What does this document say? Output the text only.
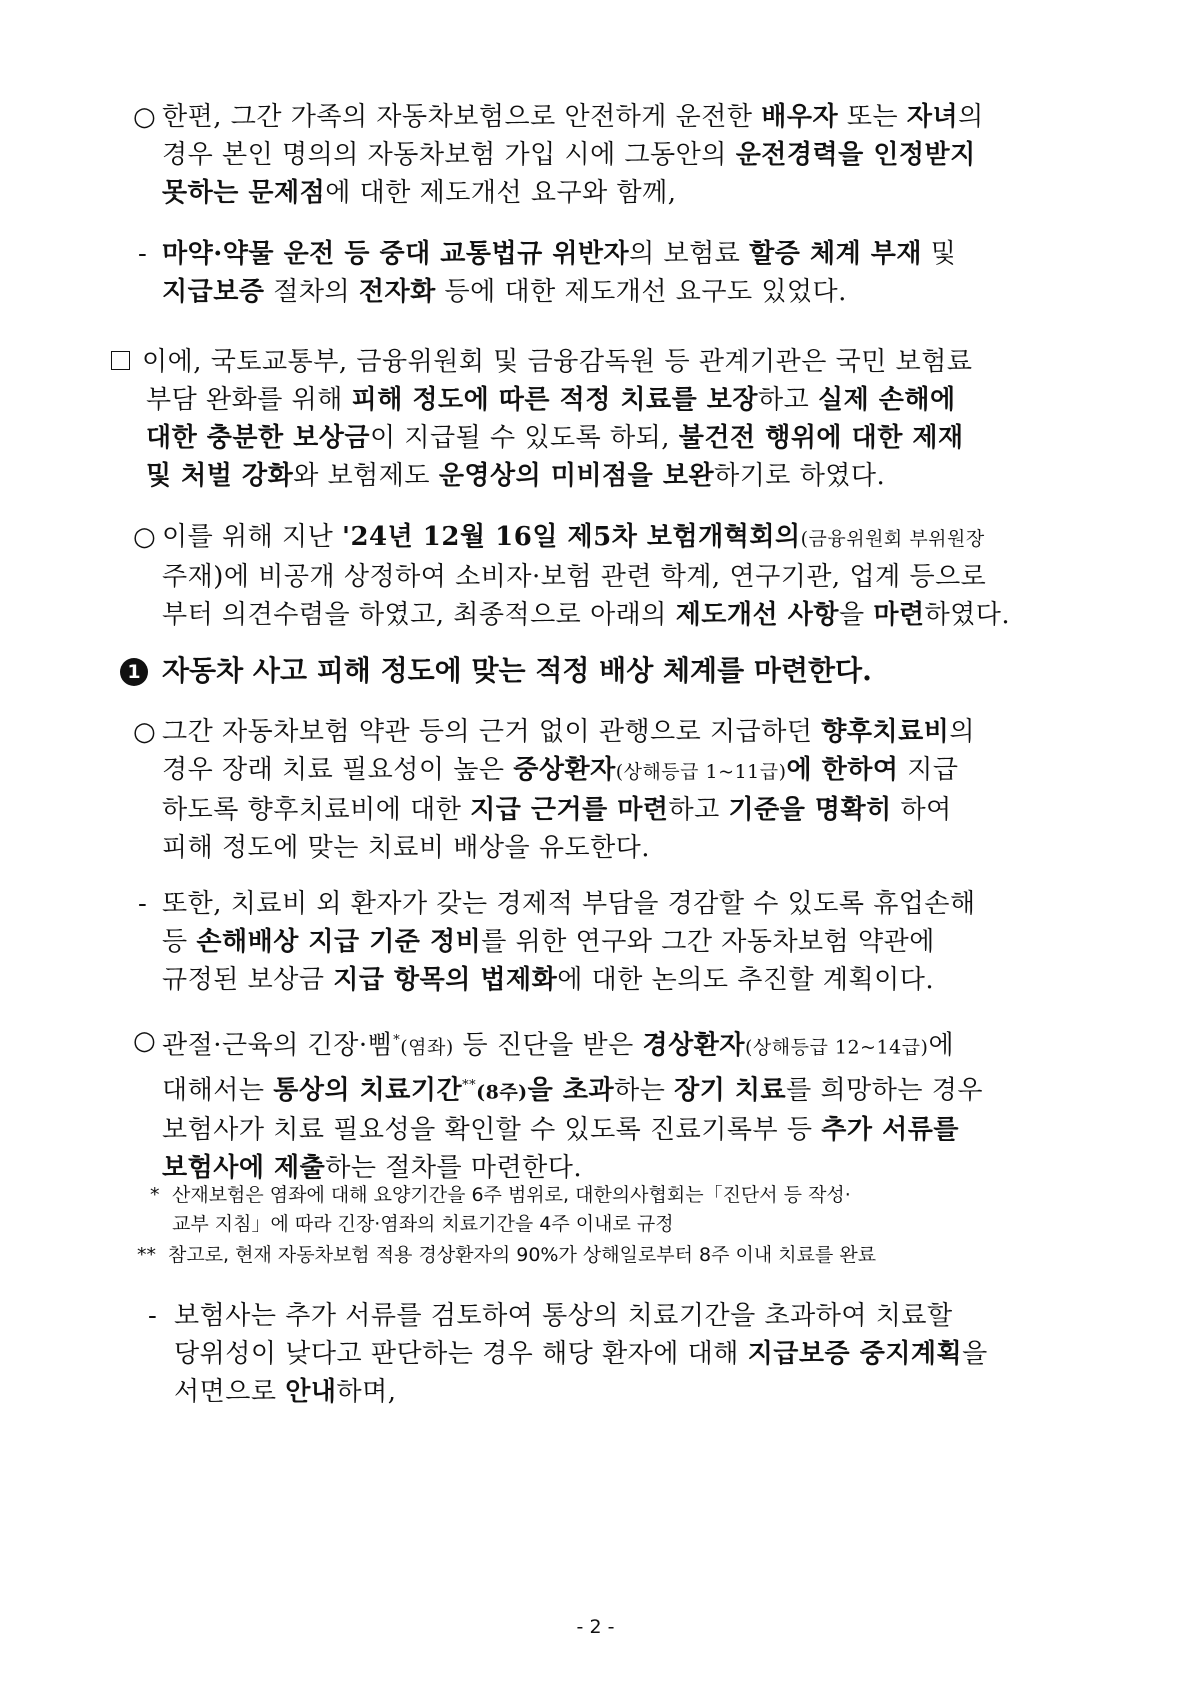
○ 한편, 그간 가족의 자동차보험으로 안전하게 운전한 배우자 또는 자녀의
경우 본인 명의의 자동차보험 가입 시에 그동안의 운전경력을 인정받지
못하는 문제점에 대한 제도개선 요구와 함께,
- 마약·약물 운전 등 중대 교통법규 위반자의 보험료 할증 체계 부재 및
지급보증 절차의 전자화 등에 대한 제도개선 요구도 있었다.
이에, 국토교통부, 금융위원회 및 금융감독원 등 관계기관은 국민 보험료
부담 완화를 위해 피해 정도에 따른 적정 치료를 보장하고 실제 손해에
대한 충분한 보상금이 지급될 수 있도록 하되, 불건전 행위에 대한 제재
및 처벌 강화와 보험제도 운영상의 미비점을 보완하기로 하였다.
○ 이를 위해 지난 '24년 12월 16일 제5차 보험개혁회의(금융위원회 부위원장
주재)에 비공개 상정하여 소비자·보험 관련 학계, 연구기관, 업계 등으로
부터 의견수렴을 하였고, 최종적으로 아래의 제도개선 사항을 마련하였다.
1 자동차 사고 피해 정도에 맞는 적정 배상 체계를 마련한다.
○ 그간 자동차보험 약관 등의 근거 없이 관행으로 지급하던 향후치료비의
경우 장래 치료 필요성이 높은 중상환자(상해등급 1~11급)에 한하여 지급
하도록 향후치료비에 대한 지급 근거를 마련하고 기준을 명확히 하여
피해 정도에 맞는 치료비 배상을 유도한다.
- 또한, 치료비 외 환자가 갖는 경제적 부담을 경감할 수 있도록 휴업손해
등 손해배상 지급 기준 정비를 위한 연구와 그간 자동차보험 약관에
규정된 보상금 지급 항목의 법제화에 대한 논의도 추진할 계획이다.
○ 관절·근육의 긴장·삠*(염좌) 등 진단을 받은 경상환자(상해등급 12~14급)에
대해서는 통상의 치료기간**(8주)을 초과하는 장기 치료를 희망하는 경우
보험사가 치료 필요성을 확인할 수 있도록 진료기록부 등 추가 서류를
보험사에 제출하는 절차를 마련한다.
* 산재보험은 염좌에 대해 요양기간을 6주 범위로, 대한의사협회는「진단서 등 작성·
교부 지침」에 따라 긴장·염좌의 치료기간을 4주 이내로 규정
** 참고로, 현재 자동차보험 적용 경상환자의 90%가 상해일로부터 8주 이내 치료를 완료
- 보험사는 추가 서류를 검토하여 통상의 치료기간을 초과하여 치료할
당위성이 낮다고 판단하는 경우 해당 환자에 대해 지급보증 중지계획을
서면으로 안내하며,
- 2 -
